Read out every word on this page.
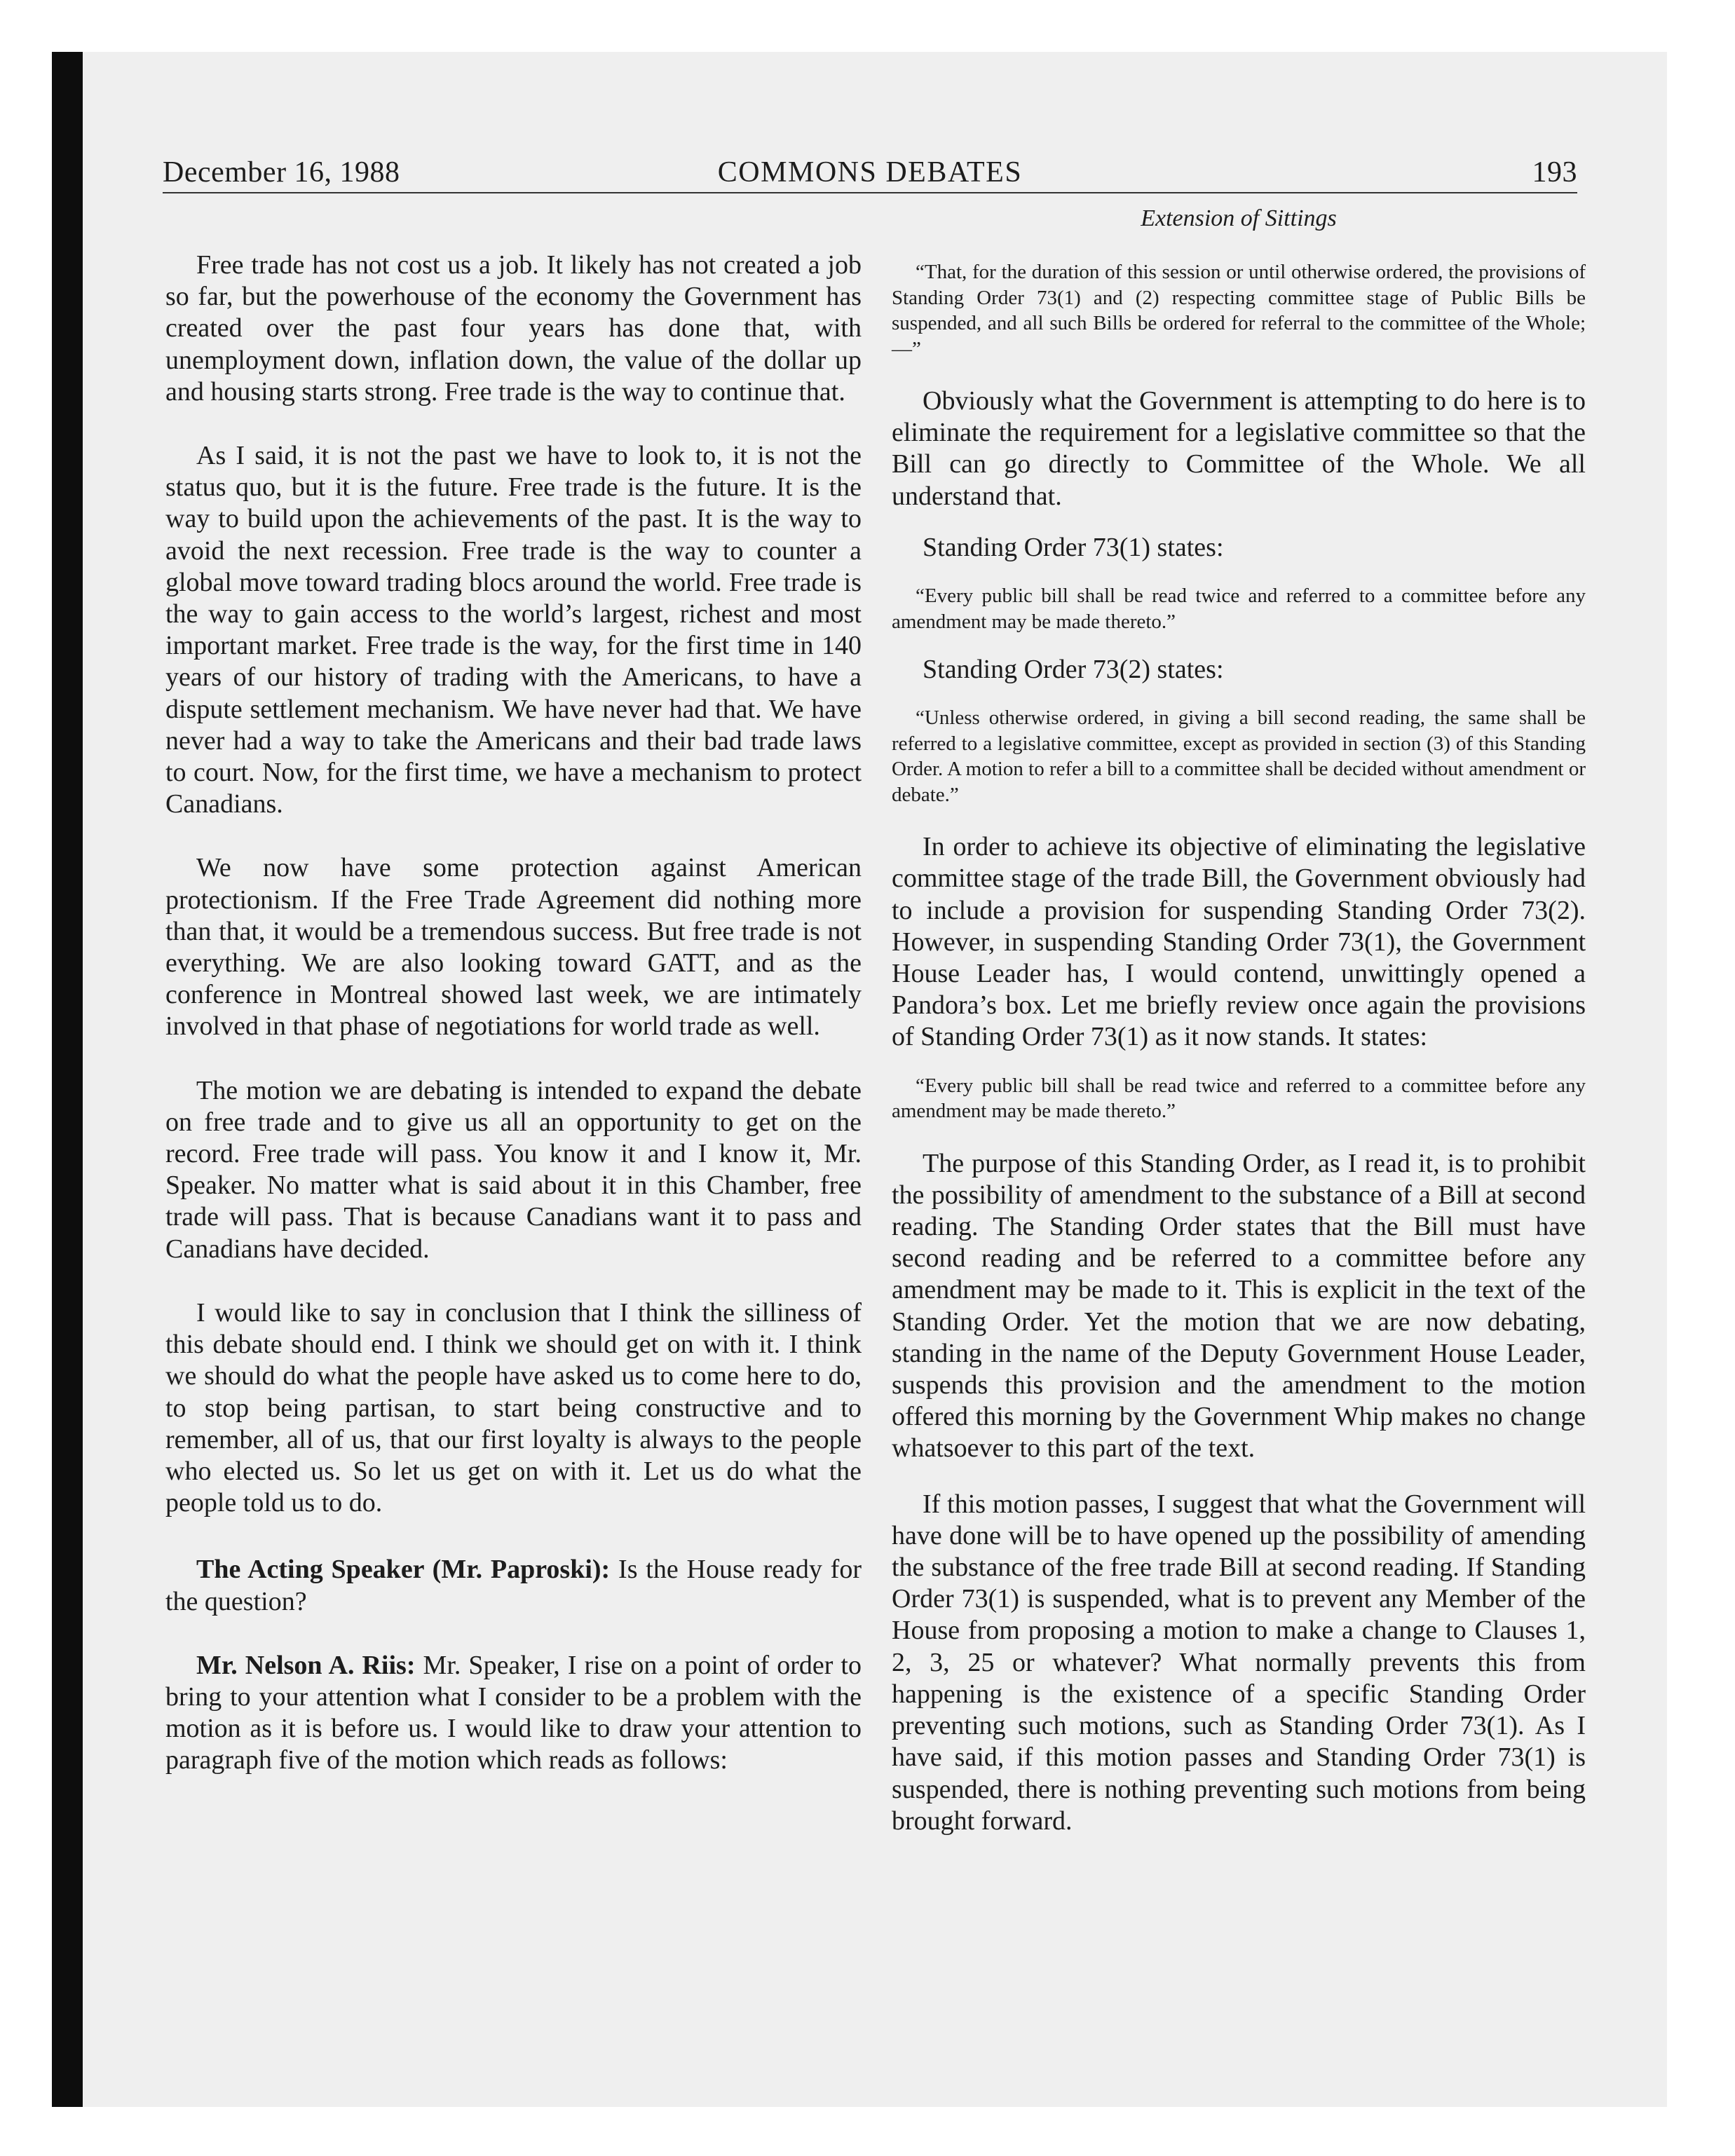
December 16, 1988	COMMONS DEBATES	193

Free trade has not cost us a job. It likely has not created a job so far, but the powerhouse of the economy the Government has created over the past four years has done that, with unemployment down, inflation down, the value of the dollar up and housing starts strong. Free trade is the way to continue that.

As I said, it is not the past we have to look to, it is not the status quo, but it is the future. Free trade is the future. It is the way to build upon the achievements of the past. It is the way to avoid the next recession. Free trade is the way to counter a global move toward trading blocs around the world. Free trade is the way to gain access to the world’s largest, richest and most important market. Free trade is the way, for the first time in 140 years of our history of trading with the Americans, to have a dispute settlement mechanism. We have never had that. We have never had a way to take the Americans and their bad trade laws to court. Now, for the first time, we have a mechanism to protect Canadians.

We now have some protection against American protectionism. If the Free Trade Agreement did nothing more than that, it would be a tremendous success. But free trade is not everything. We are also looking toward GATT, and as the conference in Montreal showed last week, we are intimately involved in that phase of negotiations for world trade as well.

The motion we are debating is intended to expand the debate on free trade and to give us all an opportunity to get on the record. Free trade will pass. You know it and I know it, Mr. Speaker. No matter what is said about it in this Chamber, free trade will pass. That is because Canadians want it to pass and Canadians have decided.

I would like to say in conclusion that I think the silliness of this debate should end. I think we should get on with it. I think we should do what the people have asked us to come here to do, to stop being partisan, to start being constructive and to remember, all of us, that our first loyalty is always to the people who elected us. So let us get on with it. Let us do what the people told us to do.

The Acting Speaker (Mr. Paproski): Is the House ready for the question?

Mr. Nelson A. Riis: Mr. Speaker, I rise on a point of order to bring to your attention what I consider to be a problem with the motion as it is before us. I would like to draw your attention to paragraph five of the motion which reads as follows:

Extension of Sittings

“That, for the duration of this session or until otherwise ordered, the provisions of Standing Order 73(1) and (2) respecting committee stage of Public Bills be suspended, and all such Bills be ordered for referral to the committee of the Whole;—”

Obviously what the Government is attempting to do here is to eliminate the requirement for a legislative committee so that the Bill can go directly to Committee of the Whole. We all understand that.

Standing Order 73(1) states:

“Every public bill shall be read twice and referred to a committee before any amendment may be made thereto.”

Standing Order 73(2) states:

“Unless otherwise ordered, in giving a bill second reading, the same shall be referred to a legislative committee, except as provided in section (3) of this Standing Order. A motion to refer a bill to a committee shall be decided without amendment or debate.”

In order to achieve its objective of eliminating the legislative committee stage of the trade Bill, the Government obviously had to include a provision for suspending Standing Order 73(2). However, in suspending Standing Order 73(1), the Government House Leader has, I would contend, unwittingly opened a Pandora’s box. Let me briefly review once again the provisions of Standing Order 73(1) as it now stands. It states:

“Every public bill shall be read twice and referred to a committee before any amendment may be made thereto.”

The purpose of this Standing Order, as I read it, is to prohibit the possibility of amendment to the substance of a Bill at second reading. The Standing Order states that the Bill must have second reading and be referred to a committee before any amendment may be made to it. This is explicit in the text of the Standing Order. Yet the motion that we are now debating, standing in the name of the Deputy Government House Leader, suspends this provision and the amendment to the motion offered this morning by the Government Whip makes no change whatsoever to this part of the text.

If this motion passes, I suggest that what the Government will have done will be to have opened up the possibility of amending the substance of the free trade Bill at second reading. If Standing Order 73(1) is suspended, what is to prevent any Member of the House from proposing a motion to make a change to Clauses 1, 2, 3, 25 or whatever? What normally prevents this from happening is the existence of a specific Standing Order preventing such motions, such as Standing Order 73(1). As I have said, if this motion passes and Standing Order 73(1) is suspended, there is nothing preventing such motions from being brought forward.
